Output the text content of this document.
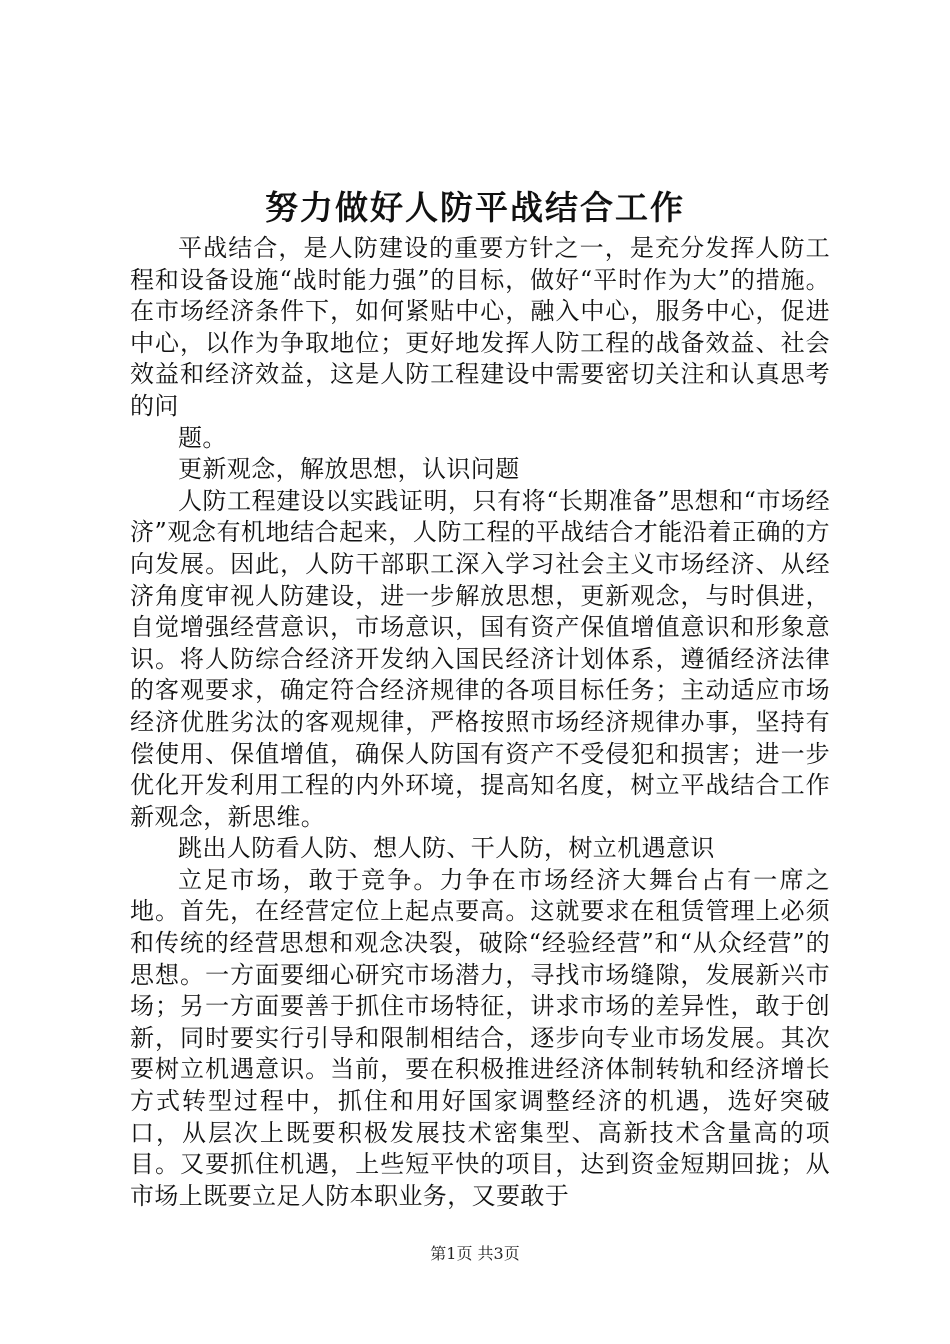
努力做好人防平战结合工作

平战结合，是人防建设的重要方针之一，是充分发挥人防工程和设备设施“战时能力强”的目标，做好“平时作为大”的措施。在市场经济条件下，如何紧贴中心，融入中心，服务中心，促进中心，以作为争取地位；更好地发挥人防工程的战备效益、社会效益和经济效益，这是人防工程建设中需要密切关注和认真思考的问

题。

更新观念，解放思想，认识问题

人防工程建设以实践证明，只有将“长期准备”思想和“市场经济”观念有机地结合起来，人防工程的平战结合才能沿着正确的方向发展。因此，人防干部职工深入学习社会主义市场经济、从经济角度审视人防建设，进一步解放思想，更新观念，与时俱进，自觉增强经营意识，市场意识，国有资产保值增值意识和形象意识。将人防综合经济开发纳入国民经济计划体系，遵循经济法律的客观要求，确定符合经济规律的各项目标任务；主动适应市场经济优胜劣汰的客观规律，严格按照市场经济规律办事，坚持有偿使用、保值增值，确保人防国有资产不受侵犯和损害；进一步优化开发利用工程的内外环境，提高知名度，树立平战结合工作新观念，新思维。

跳出人防看人防、想人防、干人防，树立机遇意识

立足市场，敢于竞争。力争在市场经济大舞台占有一席之地。首先，在经营定位上起点要高。这就要求在租赁管理上必须和传统的经营思想和观念决裂，破除“经验经营”和“从众经营”的思想。一方面要细心研究市场潜力，寻找市场缝隙，发展新兴市场；另一方面要善于抓住市场特征，讲求市场的差异性，敢于创新，同时要实行引导和限制相结合，逐步向专业市场发展。其次要树立机遇意识。当前，要在积极推进经济体制转轨和经济增长方式转型过程中，抓住和用好国家调整经济的机遇，选好突破口，从层次上既要积极发展技术密集型、高新技术含量高的项目。又要抓住机遇，上些短平快的项目，达到资金短期回拢；从市场上既要立足人防本职业务，又要敢于

第1页 共3页
